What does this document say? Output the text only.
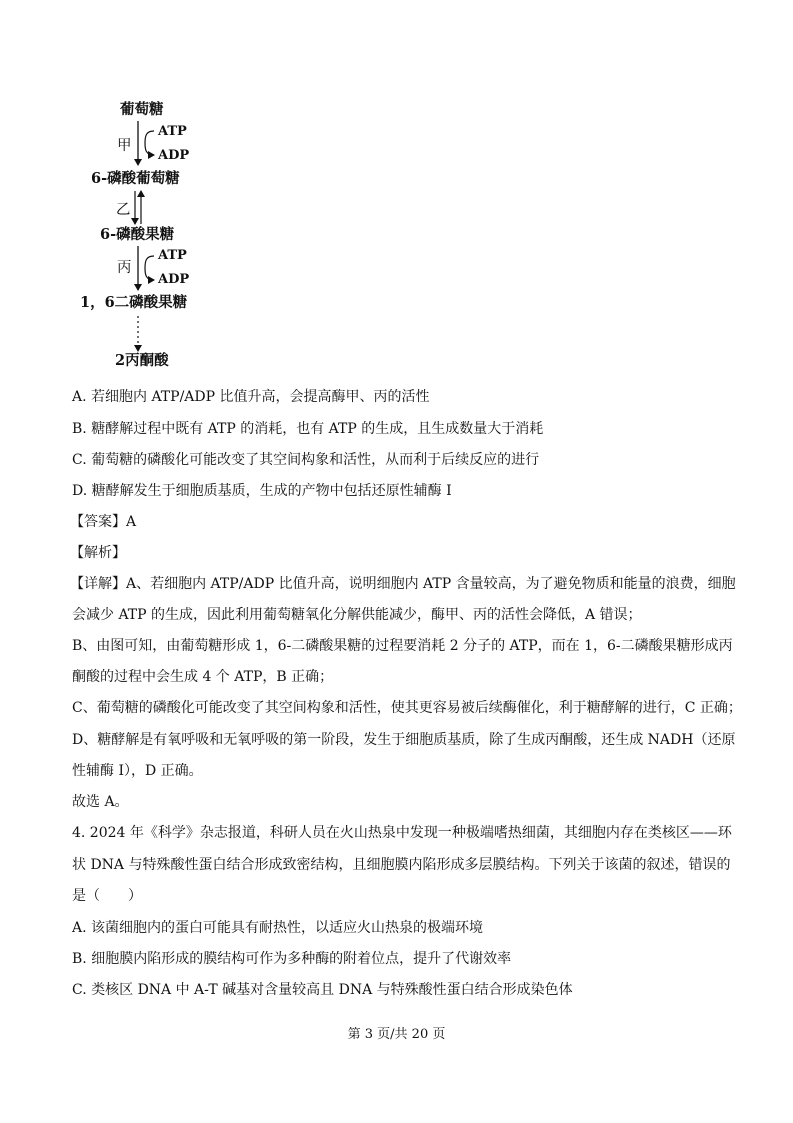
葡萄糖
甲
ATP
ADP
6-磷酸葡萄糖
乙
6-磷酸果糖
丙
ATP
ADP
1，6二磷酸果糖
2丙酮酸
A. 若细胞内 ATP/ADP 比值升高，会提高酶甲、丙的活性
B. 糖酵解过程中既有 ATP 的消耗，也有 ATP 的生成，且生成数量大于消耗
C. 葡萄糖的磷酸化可能改变了其空间构象和活性，从而利于后续反应的进行
D. 糖酵解发生于细胞质基质，生成的产物中包括还原性辅酶 I
【答案】A
【解析】
【详解】A、若细胞内 ATP/ADP 比值升高，说明细胞内 ATP 含量较高，为了避免物质和能量的浪费，细胞
会减少 ATP 的生成，因此利用葡萄糖氧化分解供能减少，酶甲、丙的活性会降低，A 错误；
B、由图可知，由葡萄糖形成 1，6-二磷酸果糖的过程要消耗 2 分子的 ATP，而在 1，6-二磷酸果糖形成丙
酮酸的过程中会生成 4 个 ATP，B 正确；
C、葡萄糖的磷酸化可能改变了其空间构象和活性，使其更容易被后续酶催化，利于糖酵解的进行，C 正确；
D、糖酵解是有氧呼吸和无氧呼吸的第一阶段，发生于细胞质基质，除了生成丙酮酸，还生成 NADH（还原
性辅酶 I），D 正确。
故选 A。
4. 2024 年《科学》杂志报道，科研人员在火山热泉中发现一种极端嗜热细菌，其细胞内存在类核区——环
状 DNA 与特殊酸性蛋白结合形成致密结构，且细胞膜内陷形成多层膜结构。下列关于该菌的叙述，错误的
是（　　）
A. 该菌细胞内的蛋白可能具有耐热性，以适应火山热泉的极端环境
B. 细胞膜内陷形成的膜结构可作为多种酶的附着位点，提升了代谢效率
C. 类核区 DNA 中 A-T 碱基对含量较高且 DNA 与特殊酸性蛋白结合形成染色体
第 3 页/共 20 页
